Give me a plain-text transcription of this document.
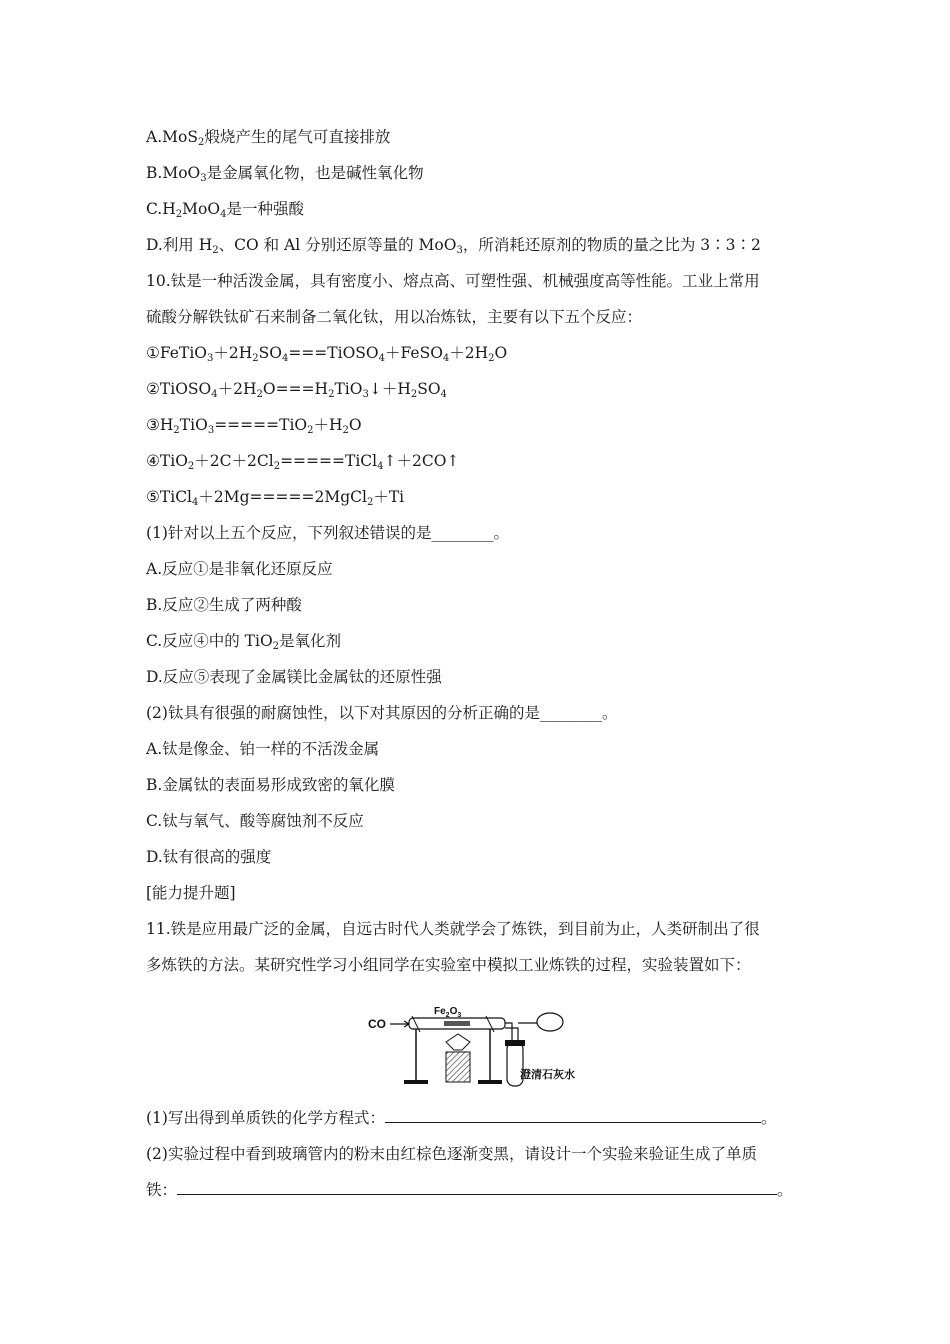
A.MoS$_2$煅烧产生的尾气可直接排放
B.MoO$_3$是金属氧化物，也是碱性氧化物
$C.H_2MoO_4$是一种强酸
D.利用 $H_2$、CO 和 Al 分别还原等量的 MoO$_3$，所消耗还原剂的物质的量之比为 3∶3∶2
10.钛是一种活泼金属，具有密度小、熔点高、可塑性强、机械强度高等性能。工业上常用
硫酸分解铁钛矿石来制备二氧化钛，用以冶炼钛，主要有以下五个反应：
$①FeTiO_3+2H_2SO_4===TiOSO_4+FeSO_4+2H_2O$
$②TiOSO_4+2H_2O===H_2TiO_3↓+H_2SO_4$
$③H_2TiO_3=====TiO_2+H_2O$
$④TiO_2+2C+2Cl_2=====TiCl_4↑+2CO↑$
⑤TiCl$_4$＋2Mg=====2MgCl$_2$＋Ti
(1)针对以上五个反应，下列叙述错误的是________。
A.反应①是非氧化还原反应
B.反应②生成了两种酸
C.反应④中的 TiO$_2$是氧化剂
D.反应⑤表现了金属镁比金属钛的还原性强
(2)钛具有很强的耐腐蚀性，以下对其原因的分析正确的是________。
A.钛是像金、铂一样的不活泼金属
B.金属钛的表面易形成致密的氧化膜
C.钛与氧气、酸等腐蚀剂不反应
D.钛有很高的强度
[能力提升题]
11.铁是应用最广泛的金属，自远古时代人类就学会了炼铁，到目前为止，人类研制出了很
多炼铁的方法。某研究性学习小组同学在实验室中模拟工业炼铁的过程，实验装置如下：
(1)写出得到单质铁的化学方程式：	。
(2)实验过程中看到玻璃管内的粉末由红棕色逐渐变黑，请设计一个实验来验证生成了单质
铁：	。
CO
$Fe_2O_3$
澄清石灰水
